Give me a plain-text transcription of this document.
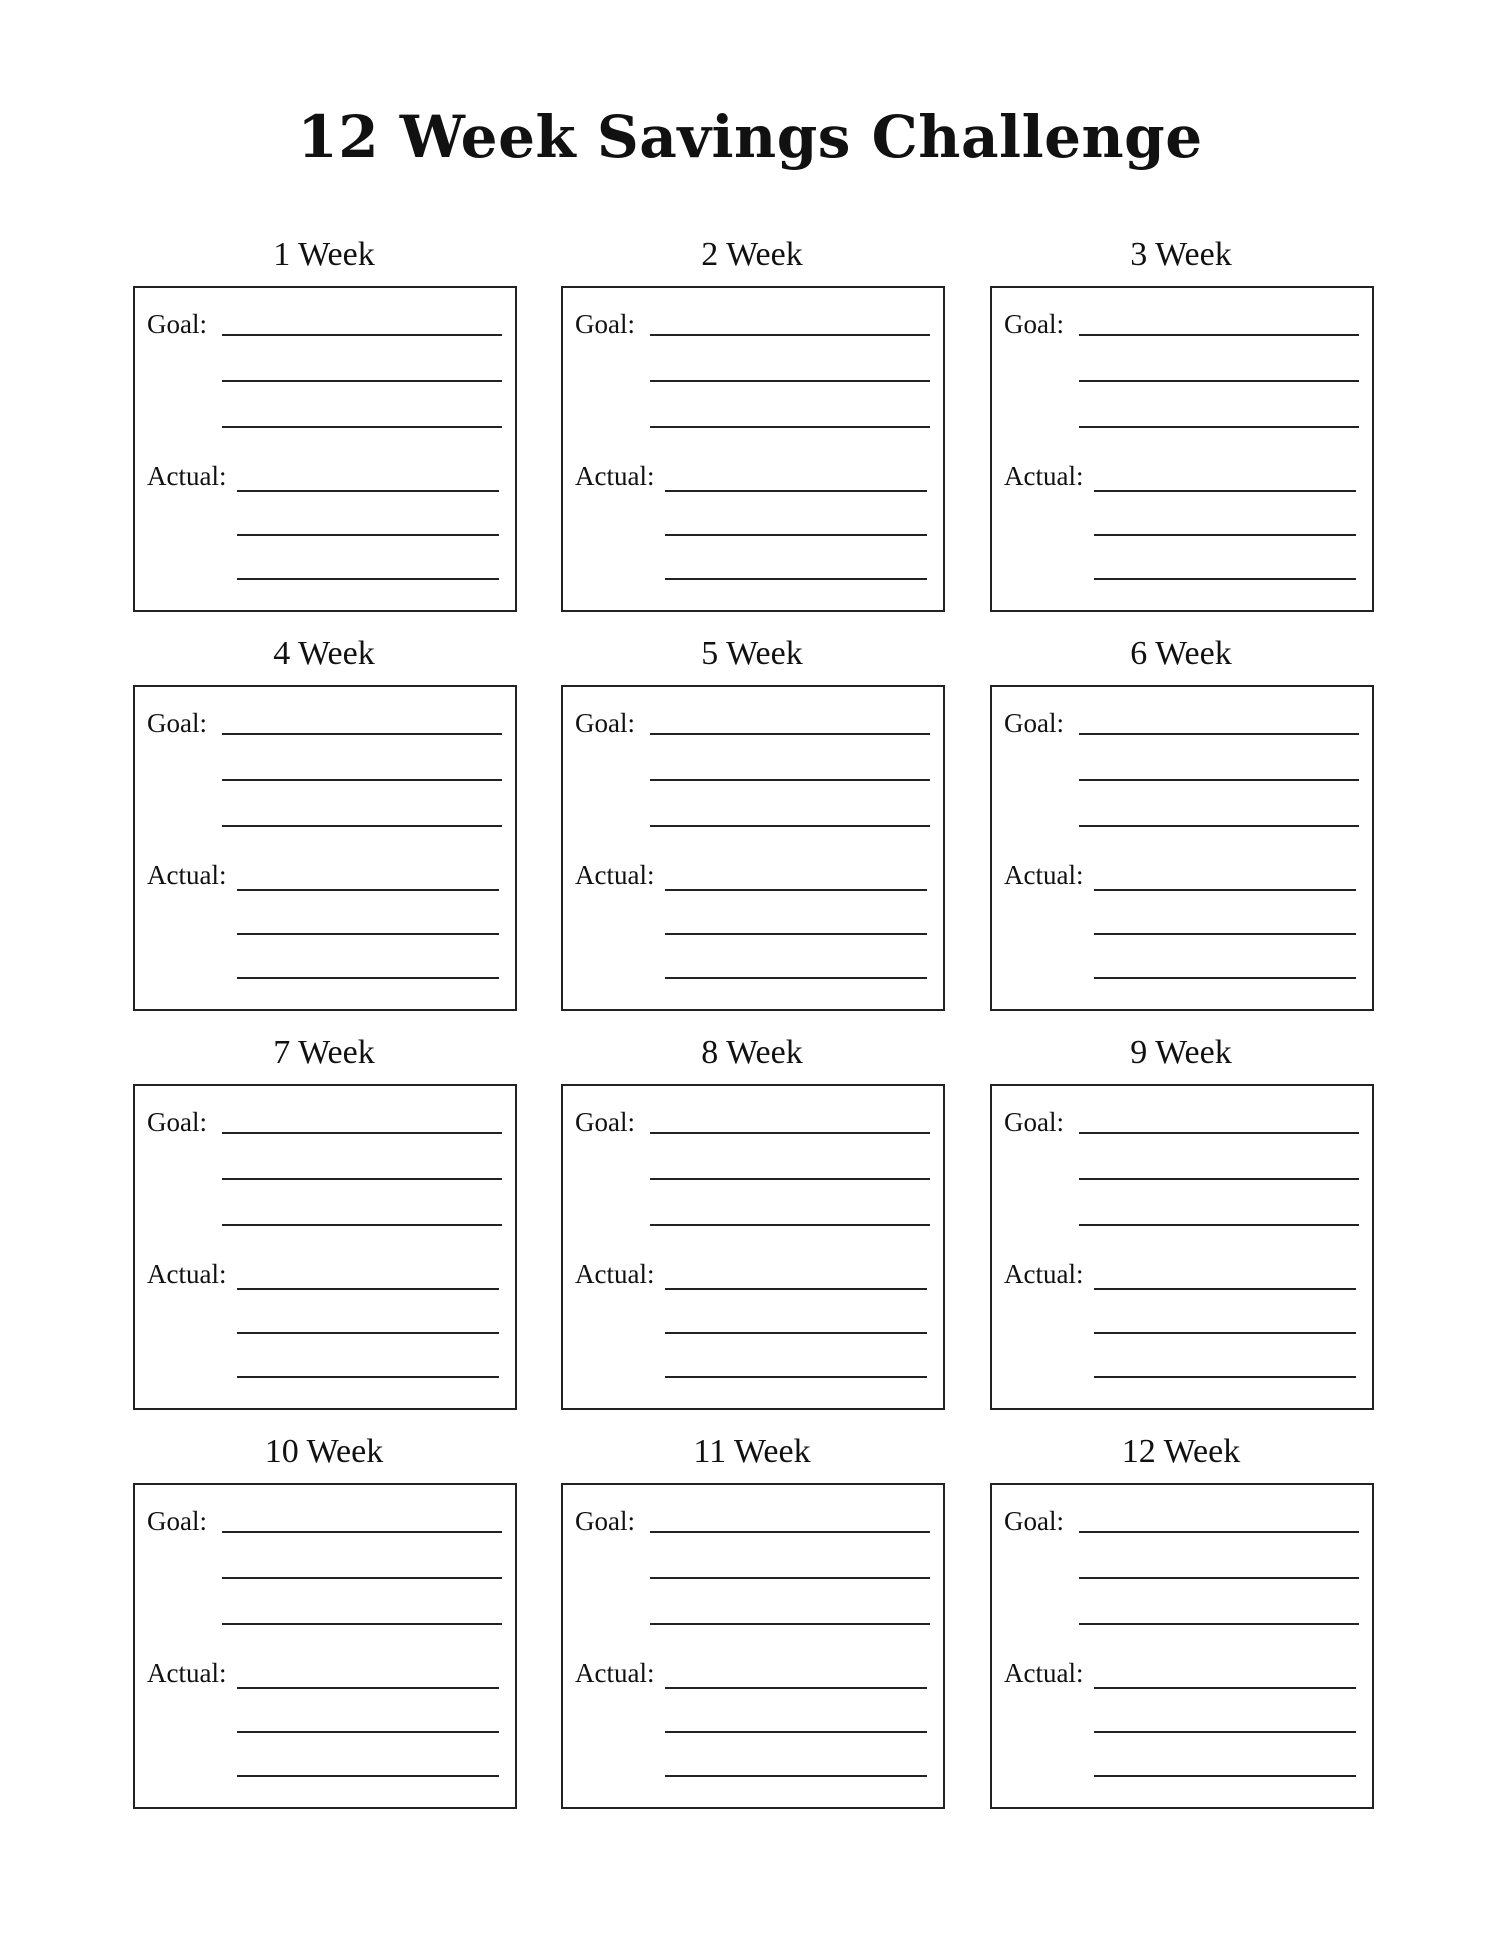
12 Week Savings Challenge
1 Week
Goal:
Actual:
2 Week
Goal:
Actual:
3 Week
Goal:
Actual:
4 Week
Goal:
Actual:
5 Week
Goal:
Actual:
6 Week
Goal:
Actual:
7 Week
Goal:
Actual:
8 Week
Goal:
Actual:
9 Week
Goal:
Actual:
10 Week
Goal:
Actual:
11 Week
Goal:
Actual:
12 Week
Goal:
Actual:
